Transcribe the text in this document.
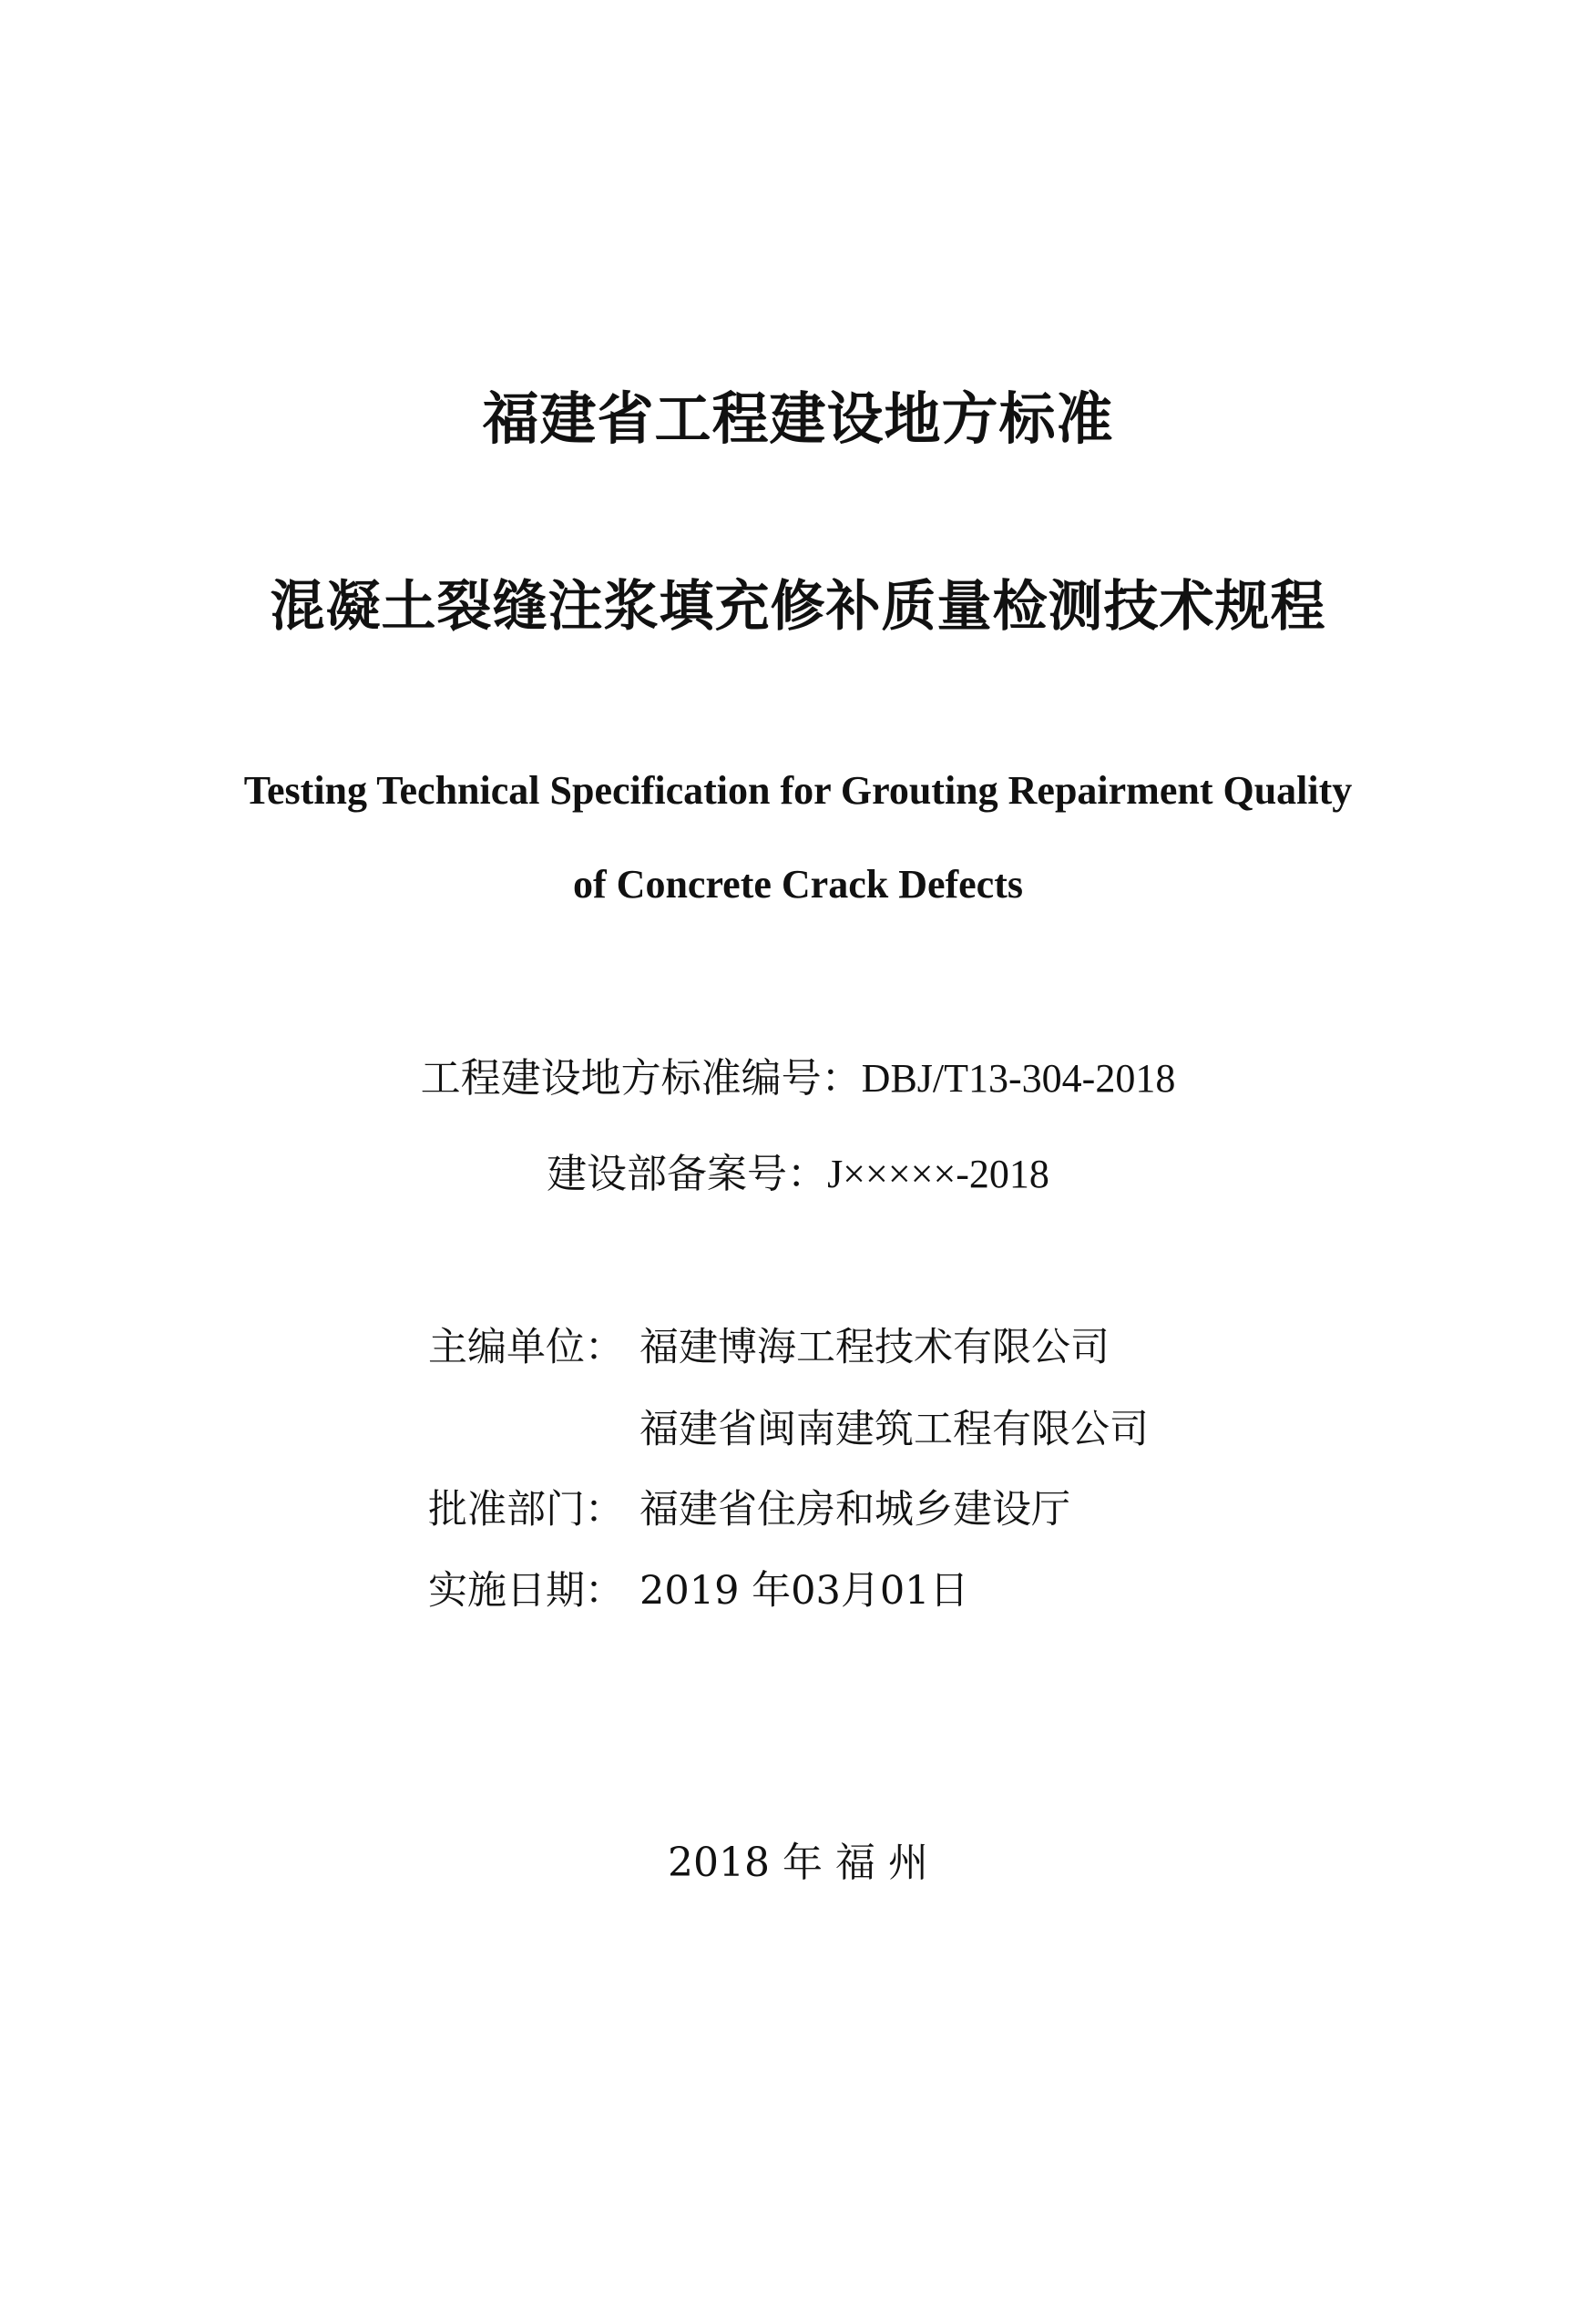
福建省工程建设地方标准
混凝土裂缝注浆填充修补质量检测技术规程
Testing Technical Specification for Grouting Repairment Quality
of Concrete Crack Defects
工程建设地方标准编号：DBJ/T13-304-2018
建设部备案号：J×××××-2018
主编单位： 福建博海工程技术有限公司
福建省闽南建筑工程有限公司
批准部门： 福建省住房和城乡建设厅
实施日期： 2019 年03月01日
2018 年 福 州
